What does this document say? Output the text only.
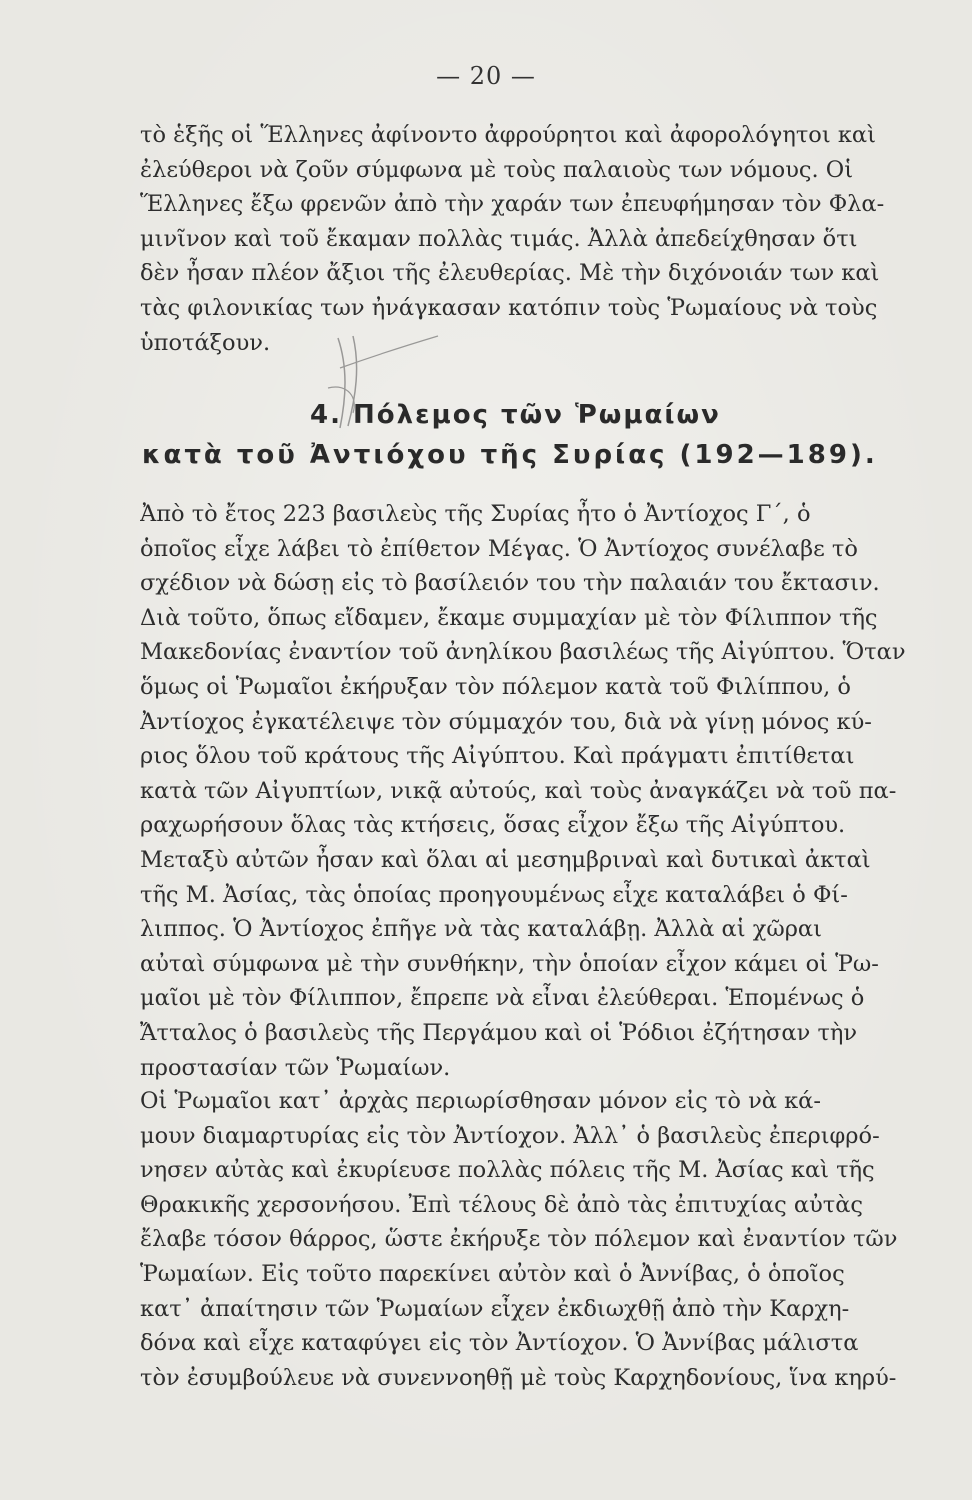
— 20 —
τὸ ἑξῆς οἱ Ἕλληνες ἀφίνοντο ἀφρούρητοι καὶ ἀφορολόγητοι καὶ
ἐλεύθεροι νὰ ζοῦν σύμφωνα μὲ τοὺς παλαιοὺς των νόμους. Οἱ
Ἕλληνες ἔξω φρενῶν ἀπὸ τὴν χαράν των ἐπευφήμησαν τὸν Φλα-
μινῖνον καὶ τοῦ ἔκαμαν πολλὰς τιμάς. Ἀλλὰ ἀπεδείχθησαν ὅτι
δὲν ἦσαν πλέον ἄξιοι τῆς ἐλευθερίας. Μὲ τὴν διχόνοιάν των καὶ
τὰς φιλονικίας των ἠνάγκασαν κατόπιν τοὺς Ῥωμαίους νὰ τοὺς
ὑποτάξουν.
4. Πόλεμος τῶν Ῥωμαίων
κατὰ τοῦ Ἀντιόχου τῆς Συρίας (192—189).
Ἀπὸ τὸ ἔτος 223 βασιλεὺς τῆς Συρίας ἦτο ὁ Ἀντίοχος Γ΄, ὁ
ὁποῖος εἶχε λάβει τὸ ἐπίθετον Μέγας. Ὁ Ἀντίοχος συνέλαβε τὸ
σχέδιον νὰ δώσῃ εἰς τὸ βασίλειόν του τὴν παλαιάν του ἔκτασιν.
Διὰ τοῦτο, ὅπως εἴδαμεν, ἔκαμε συμμαχίαν μὲ τὸν Φίλιππον τῆς
Μακεδονίας ἐναντίον τοῦ ἀνηλίκου βασιλέως τῆς Αἰγύπτου. Ὅταν
ὅμως οἱ Ῥωμαῖοι ἐκήρυξαν τὸν πόλεμον κατὰ τοῦ Φιλίππου, ὁ
Ἀντίοχος ἐγκατέλειψε τὸν σύμμαχόν του, διὰ νὰ γίνῃ μόνος κύ-
ριος ὅλου τοῦ κράτους τῆς Αἰγύπτου. Καὶ πράγματι ἐπιτίθεται
κατὰ τῶν Αἰγυπτίων, νικᾷ αὐτούς, καὶ τοὺς ἀναγκάζει νὰ τοῦ πα-
ραχωρήσουν ὅλας τὰς κτήσεις, ὅσας εἶχον ἔξω τῆς Αἰγύπτου.
Μεταξὺ αὐτῶν ἦσαν καὶ ὅλαι αἱ μεσημβριναὶ καὶ δυτικαὶ ἀκταὶ
τῆς Μ. Ἀσίας, τὰς ὁποίας προηγουμένως εἶχε καταλάβει ὁ Φί-
λιππος. Ὁ Ἀντίοχος ἐπῆγε νὰ τὰς καταλάβῃ. Ἀλλὰ αἱ χῶραι
αὐταὶ σύμφωνα μὲ τὴν συνθήκην, τὴν ὁποίαν εἶχον κάμει οἱ Ῥω-
μαῖοι μὲ τὸν Φίλιππον, ἔπρεπε νὰ εἶναι ἐλεύθεραι. Ἑπομένως ὁ
Ἄτταλος ὁ βασιλεὺς τῆς Περγάμου καὶ οἱ Ῥόδιοι ἐζήτησαν τὴν
προστασίαν τῶν Ῥωμαίων.
Οἱ Ῥωμαῖοι κατ᾽ ἀρχὰς περιωρίσθησαν μόνον εἰς τὸ νὰ κά-
μουν διαμαρτυρίας εἰς τὸν Ἀντίοχον. Ἀλλ᾽ ὁ βασιλεὺς ἐπεριφρό-
νησεν αὐτὰς καὶ ἐκυρίευσε πολλὰς πόλεις τῆς Μ. Ἀσίας καὶ τῆς
Θρακικῆς χερσονήσου. Ἐπὶ τέλους δὲ ἀπὸ τὰς ἐπιτυχίας αὐτὰς
ἔλαβε τόσον θάρρος, ὥστε ἐκήρυξε τὸν πόλεμον καὶ ἐναντίον τῶν
Ῥωμαίων. Εἰς τοῦτο παρεκίνει αὐτὸν καὶ ὁ Ἀννίβας, ὁ ὁποῖος
κατ᾽ ἀπαίτησιν τῶν Ῥωμαίων εἶχεν ἐκδιωχθῇ ἀπὸ τὴν Καρχη-
δόνα καὶ εἶχε καταφύγει εἰς τὸν Ἀντίοχον. Ὁ Ἀννίβας μάλιστα
τὸν ἐσυμβούλευε νὰ συνεννοηθῇ μὲ τοὺς Καρχηδονίους, ἵνα κηρύ-
